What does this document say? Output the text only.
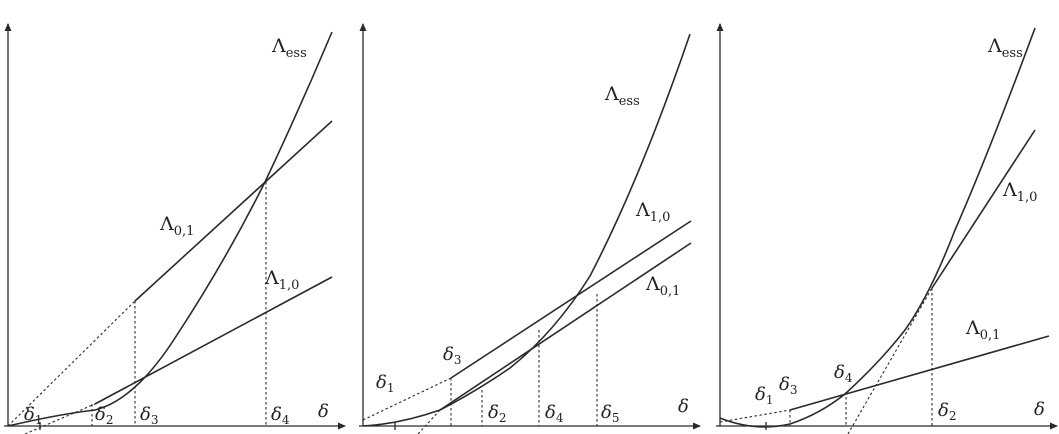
$\Lambda_{ess}$
$\Lambda_{0,1}$
$\Lambda_{1,0}$
$\delta_1$	$\delta_2$ $\delta_3$	$\delta_4$ δ
$\Lambda_{ess}$
$\Lambda_{1,0}$
$\Lambda_{0,1}$
$\delta_1$
$\delta_3$
$\delta_2$ $\delta_4$ $\delta_5$
δ
$\Lambda_{ess}$
$\Lambda_{1,0}$
$\Lambda_{0,1}$
$\delta_1$
$\delta_3$
$\delta_4$
$\delta_2$	δ
